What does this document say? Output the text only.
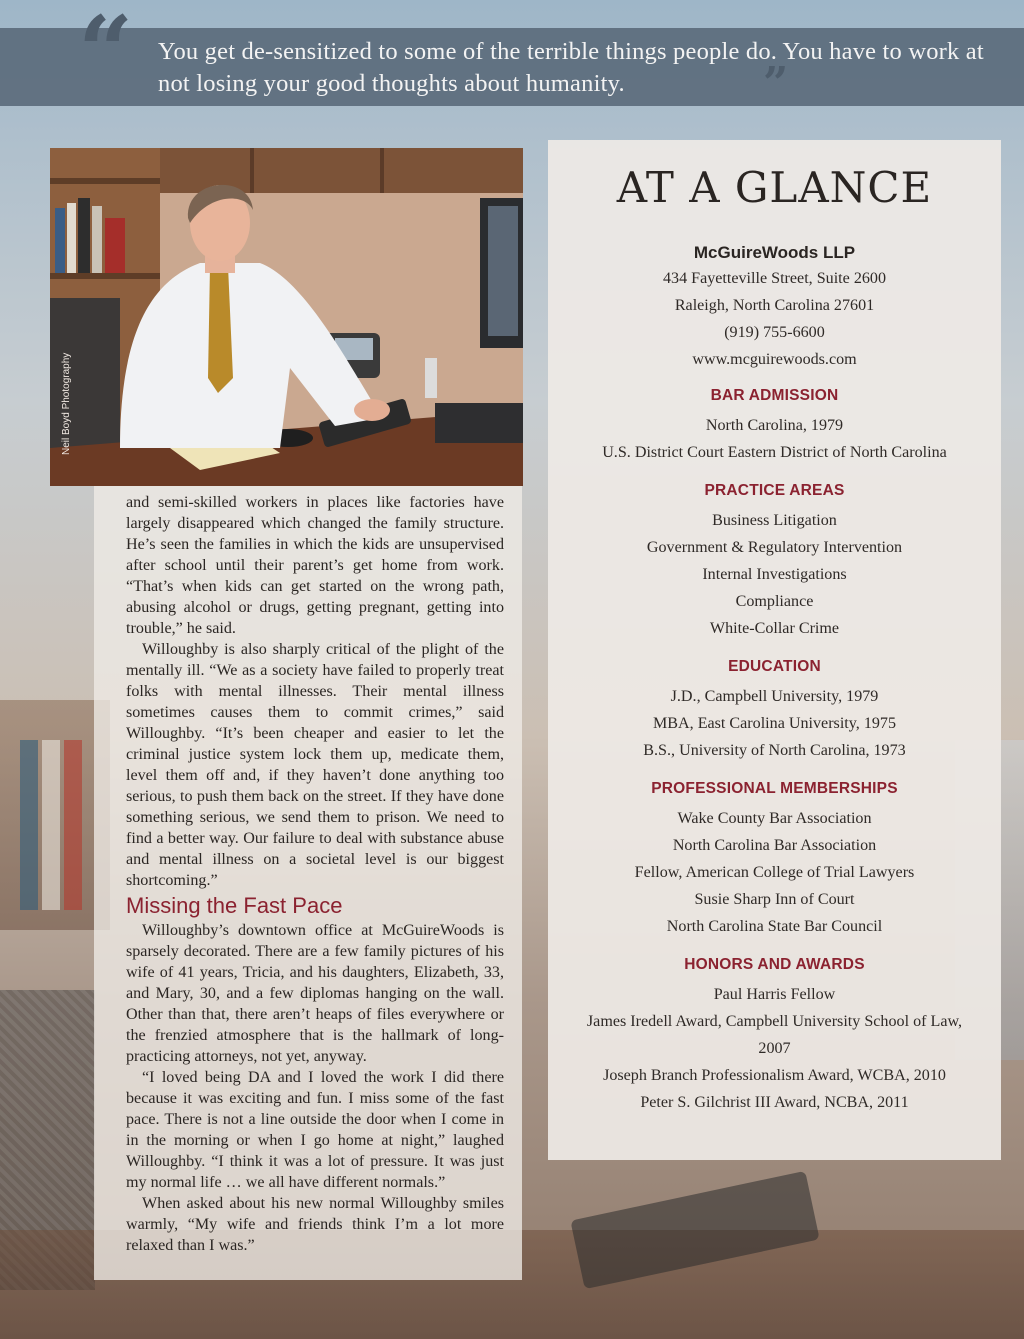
“ You get de-sensitized to some of the terrible things people do. You have to work at not losing your good thoughts about humanity.	”
Neil Boyd Photography

and semi-skilled workers in places like factories have largely disappeared which changed the family structure. He’s seen the families in which the kids are unsupervised after school until their parent’s get home from work. “That’s when kids can get started on the wrong path, abusing alcohol or drugs, getting pregnant, getting into trouble,” he said.

Willoughby is also sharply critical of the plight of the mentally ill. “We as a society have failed to properly treat folks with mental illnesses. Their mental illness sometimes causes them to commit crimes,” said Willoughby. “It’s been cheaper and easier to let the criminal justice system lock them up, medicate them, level them off and, if they haven’t done anything too serious, to push them back on the street. If they have done something serious, we send them to prison. We need to find a better way. Our failure to deal with substance abuse and mental illness on a societal level is our biggest shortcoming.”

Missing the Fast Pace

Willoughby’s downtown office at McGuireWoods is sparsely decorated. There are a few family pictures of his wife of 41 years, Tricia, and his daughters, Elizabeth, 33, and Mary, 30, and a few diplomas hanging on the wall. Other than that, there aren’t heaps of files everywhere or the frenzied atmosphere that is the hallmark of long-practicing attorneys, not yet, anyway.

“I loved being DA and I loved the work I did there because it was exciting and fun. I miss some of the fast pace. There is not a line outside the door when I come in in the morning or when I go home at night,” laughed Willoughby. “I think it was a lot of pressure. It was just my normal life … we all have different normals.”

When asked about his new normal Willoughby smiles warmly, “My wife and friends think I’m a lot more relaxed than I was.”

AT A GLANCE
McGuireWoods LLP
434 Fayetteville Street, Suite 2600
Raleigh, North Carolina 27601
(919) 755-6600
www.mcguirewoods.com
BAR ADMISSION
North Carolina, 1979
U.S. District Court Eastern District of North Carolina
PRACTICE AREAS
Business Litigation
Government & Regulatory Intervention
Internal Investigations
Compliance
White-Collar Crime
EDUCATION
J.D., Campbell University, 1979
MBA, East Carolina University, 1975
B.S., University of North Carolina, 1973
PROFESSIONAL MEMBERSHIPS
Wake County Bar Association
North Carolina Bar Association
Fellow, American College of Trial Lawyers
Susie Sharp Inn of Court
North Carolina State Bar Council
HONORS AND AWARDS
Paul Harris Fellow
James Iredell Award, Campbell University School of Law, 2007
Joseph Branch Professionalism Award, WCBA, 2010
Peter S. Gilchrist III Award, NCBA, 2011
